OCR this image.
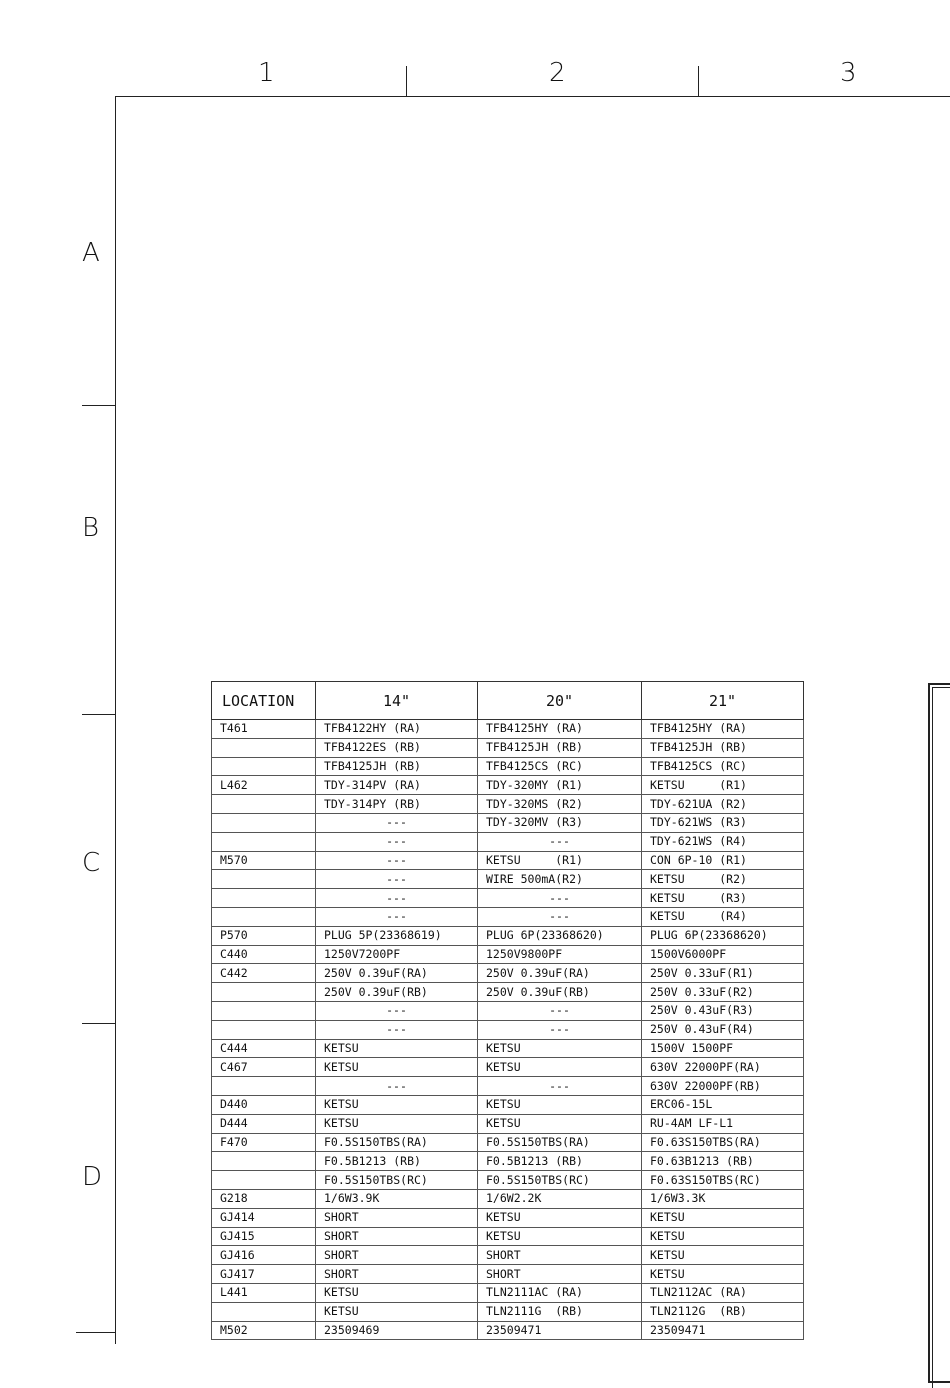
1	2	3
A
B
C
D
LOCATION	14"	20"	21"
T461	TFB4122HY (RA)	TFB4125HY (RA)	TFB4125HY (RA)
	TFB4122ES (RB)	TFB4125JH (RB)	TFB4125JH (RB)
	TFB4125JH (RB)	TFB4125CS (RC)	TFB4125CS (RC)
L462	TDY-314PV (RA)	TDY-320MY (R1)	KETSU     (R1)
	TDY-314PY (RB)	TDY-320MS (R2)	TDY-621UA (R2)
	---	TDY-320MV (R3)	TDY-621WS (R3)
	---	---	TDY-621WS (R4)
M570	---	KETSU     (R1)	CON 6P-10 (R1)
	---	WIRE 500mA(R2)	KETSU     (R2)
	---	---	KETSU     (R3)
	---	---	KETSU     (R4)
P570	PLUG 5P(23368619)	PLUG 6P(23368620)	PLUG 6P(23368620)
C440	1250V7200PF	1250V9800PF	1500V6000PF
C442	250V 0.39uF(RA)	250V 0.39uF(RA)	250V 0.33uF(R1)
	250V 0.39uF(RB)	250V 0.39uF(RB)	250V 0.33uF(R2)
	---	---	250V 0.43uF(R3)
	---	---	250V 0.43uF(R4)
C444	KETSU	KETSU	1500V 1500PF
C467	KETSU	KETSU	630V 22000PF(RA)
	---	---	630V 22000PF(RB)
D440	KETSU	KETSU	ERC06-15L
D444	KETSU	KETSU	RU-4AM LF-L1
F470	F0.5S150TBS(RA)	F0.5S150TBS(RA)	F0.63S150TBS(RA)
	F0.5B1213 (RB)	F0.5B1213 (RB)	F0.63B1213 (RB)
	F0.5S150TBS(RC)	F0.5S150TBS(RC)	F0.63S150TBS(RC)
G218	1/6W3.9K	1/6W2.2K	1/6W3.3K
GJ414	SHORT	KETSU	KETSU
GJ415	SHORT	KETSU	KETSU
GJ416	SHORT	SHORT	KETSU
GJ417	SHORT	SHORT	KETSU
L441	KETSU	TLN2111AC (RA)	TLN2112AC (RA)
	KETSU	TLN2111G  (RB)	TLN2112G  (RB)
M502	23509469	23509471	23509471
